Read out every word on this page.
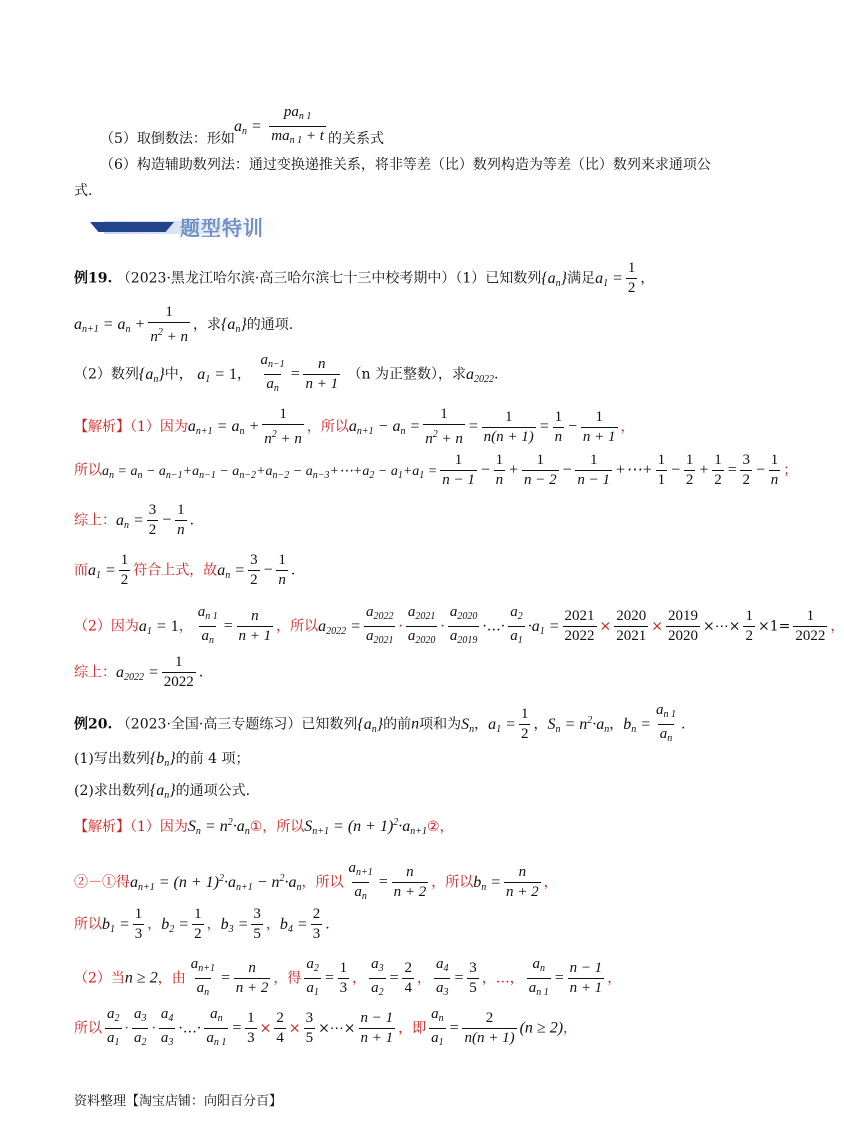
$a_n = \frac{pa_{n 1}}{ma_{n 1} + t}$
（5）取倒数法：形如	的关系式
（6）构造辅助数列法：通过变换递推关系，将非等差（比）数列构造为等差（比）数列来求通项公
式.
题型特训
例19. （2023·黑龙江哈尔滨·高三哈尔滨七十三中校考期中）（1）已知数列$\{a_n\}$满足$a_1 = \frac{1}{2}$ ，
$a_{n+1} = a_n + \frac{1}{n^2 + n}$ ，求$\{a_n\}$的通项.
（2）数列$\{a_n\}$中， $a_1 = 1$， $\frac{a_{n-1}}{a_n} = \frac{n}{n + 1} (n$ 为正整数），求$a_{2022}$.
【解析】（1）因为$a_{n+1} = a_n + \frac{1}{n^2 + n}$ ，所以$a_{n+1} - a_n = \frac{1}{n^2 + n} = \frac{1}{n(n + 1)} = \frac{1}{n} - \frac{1}{n + 1}$ ，
所以$a_n = a_n - a_{n-1}+a_{n-1} - a_{n-2}+a_{n-2}$ − $a_{n-3}+\cdots+a_2 - a_1+a_1 = \frac{1}{n - 1} - \frac{1}{n} + \frac{1}{n - 2} - \frac{1}{n - 1}$ +⋯+ $\frac{1}{1} - \frac{1}{2} + \frac{1}{2} = \frac{3}{2} - \frac{1}{n}$ ；
综上：$a_n = \frac{3}{2} - \frac{1}{n}$ .
而$a_1 = \frac{1}{2}$ 符合上式，故$a_n = \frac{3}{2} - \frac{1}{n}$ .
（2）因为$a_1 = 1$， $\frac{a_{n 1}}{a_n} = \frac{n}{n + 1}$ ，所以$a_{2022} = \frac{a_{2022}}{a_{2021}} \cdot \frac{a_{2021}}{a_{2020}} \cdot \frac{a_{2020}}{a_{2019}}$ ·…· $\frac{a_2}{a_1} \cdot a_1 = \frac{2021}{2022} \times \frac{2020}{2021} \times \frac{2019}{2020}$ ×⋯× $\frac{1}{2} \times 1= \frac{1}{2022}$ ，
综上：$a_{2022} = \frac{1}{2022}$ .
例20. （2023·全国·高三专题练习）已知数列$\{a_n\}$的前n项和为$S_n$，$a_1 = \frac{1}{2}$ ，$S_n = n^2\cdot a_n$，$b_n = \frac{a_{n 1}}{a_n}$ .
(1)写出数列$\{b_n\}$的前 4 项；
(2)求出数列$\{a_n\}$的通项公式.
【解析】（1）因为$S_n$ = $n^2\cdot a_n①$，所以$S_{n+1} = (n$ + $1)^2\cdot a_{n+1}②$，
②－①得$a_{n+1} = (n + 1)^2\cdot a_{n+1} - n^2\cdot a_n$，所以 $\frac{a_{n+1}}{a_n} = \frac{n}{n + 2}$ ，所以$b_n = \frac{n}{n + 2}$ ，
所以$b_1 = \frac{1}{3}$ ，$b_2 = \frac{1}{2}$ ，$b_3 = \frac{3}{5}$ ，$b_4 = \frac{2}{3}$ .
（2）当n ≥ 2，由 $\frac{a_{n+1}}{a_n} = \frac{n}{n + 2}$ ，得 $\frac{a_2}{a_1} = \frac{1}{3}$ ， $\frac{a_3}{a_2} = \frac{2}{4}$ ， $\frac{a_4}{a_3} = \frac{3}{5}$ ，…， $\frac{a_n}{a_{n 1}} = \frac{n - 1}{n + 1}$ ，
所以 $\frac{a_2}{a_1} \cdot \frac{a_3}{a_2} \cdot \frac{a_4}{a_3}$ ·…· $\frac{a_n}{a_{n 1}} = \frac{1}{3} \times \frac{2}{4} \times \frac{3}{5}$ ×⋯× $\frac{n - 1}{n + 1}$ ，即 $\frac{a_n}{a_1} = \frac{2}{n(n + 1)} (n \ge 2)$，
资料整理【淘宝店铺：向阳百分百】
